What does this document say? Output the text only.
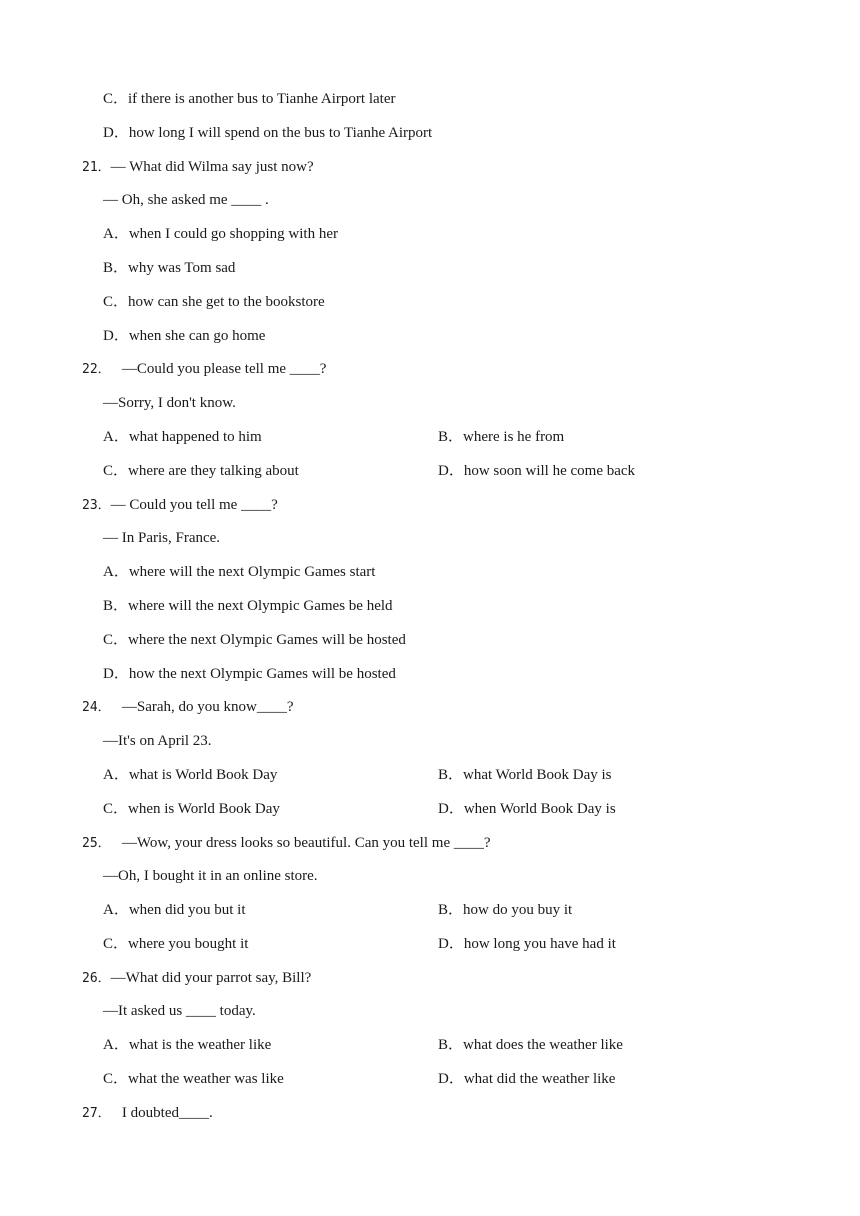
C．if there is another bus to Tianhe Airport later
D．how long I will spend on the bus to Tianhe Airport
21．— What did Wilma say just now?
— Oh, she asked me ____ .
A．when I could go shopping with her
B．why was Tom sad
C．how can she get to the bookstore
D．when she can go home
22． —Could you please tell me ____?
—Sorry, I don't know.
A．what happened to him	B．where is he from
C．where are they talking about	D．how soon will he come back
23．— Could you tell me ____?
— In Paris, France.
A．where will the next Olympic Games start
B．where will the next Olympic Games be held
C．where the next Olympic Games will be hosted
D．how the next Olympic Games will be hosted
24． —Sarah, do you know____?
—It's on April 23.
A．what is World Book Day	B．what World Book Day is
C．when is World Book Day	D．when World Book Day is
25． —Wow, your dress looks so beautiful. Can you tell me ____?
—Oh, I bought it in an online store.
A．when did you but it	B．how do you buy it
C．where you bought it	D．how long you have had it
26．—What did your parrot say, Bill?
—It asked us ____ today.
A．what is the weather like	B．what does the weather like
C．what the weather was like	D．what did the weather like
27． I doubted____.
